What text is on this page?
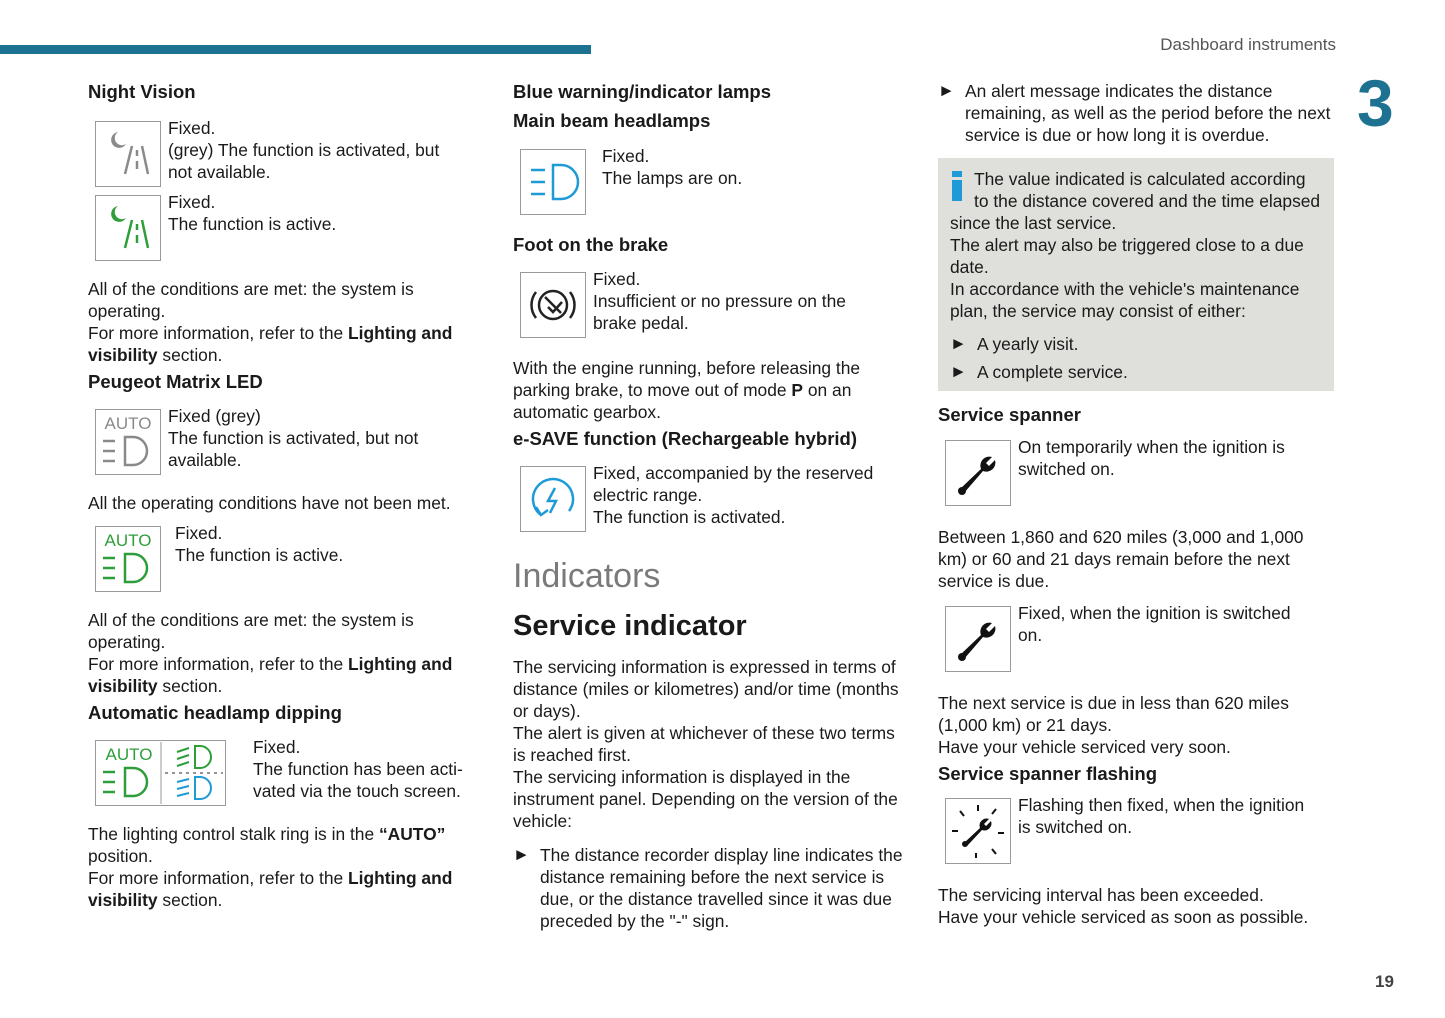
Dashboard instruments
3
19
Night Vision
Fixed.
(grey) The function is activated, but
not available.
Fixed.
The function is active.

All of the conditions are met: the system is operating.

For more information, refer to the Lighting and visibility section.

Peugeot Matrix LED
AUTO Fixed (grey)
The function is activated, but not
available.

All the operating conditions have not been met.

AUTO Fixed.
The function is active.

All of the conditions are met: the system is operating.

For more information, refer to the Lighting and visibility section.

Automatic headlamp dipping
AUTO	Fixed.
The function has been acti-
vated via the touch screen.

The lighting control stalk ring is in the “AUTO” position.

For more information, refer to the Lighting and visibility section.

Blue warning/indicator lamps
Main beam headlamps
Fixed.
The lamps are on.
Foot on the brake
Fixed.
Insufficient or no pressure on the
brake pedal.

With the engine running, before releasing the parking brake, to move out of mode P on an automatic gearbox.

e-SAVE function (Rechargeable hybrid)
Fixed, accompanied by the reserved
electric range.
The function is activated.
Indicators
Service indicator

The servicing information is expressed in terms of distance (miles or kilometres) and/or time (months or days).

The alert is given at whichever of these two terms is reached first.

The servicing information is displayed in the instrument panel. Depending on the version of the vehicle:

► The distance recorder display line indicates the distance remaining before the next service is due, or the distance travelled since it was due preceded by the "-" sign.
► An alert message indicates the distance remaining, as well as the period before the next service is due or how long it is overdue.

The value indicated is calculated according to the distance covered and the time elapsed since the last service.

The alert may also be triggered close to a due date.

In accordance with the vehicle's maintenance plan, the service may consist of either:

► A yearly visit.
► A complete service.
Service spanner
On temporarily when the ignition is
switched on.

Between 1,860 and 620 miles (3,000 and 1,000 km) or 60 and 21 days remain before the next service is due.

Fixed, when the ignition is switched
on.

The next service is due in less than 620 miles (1,000 km) or 21 days.

Have your vehicle serviced very soon.

Service spanner flashing
Flashing then fixed, when the ignition
is switched on.

The servicing interval has been exceeded.

Have your vehicle serviced as soon as possible.
